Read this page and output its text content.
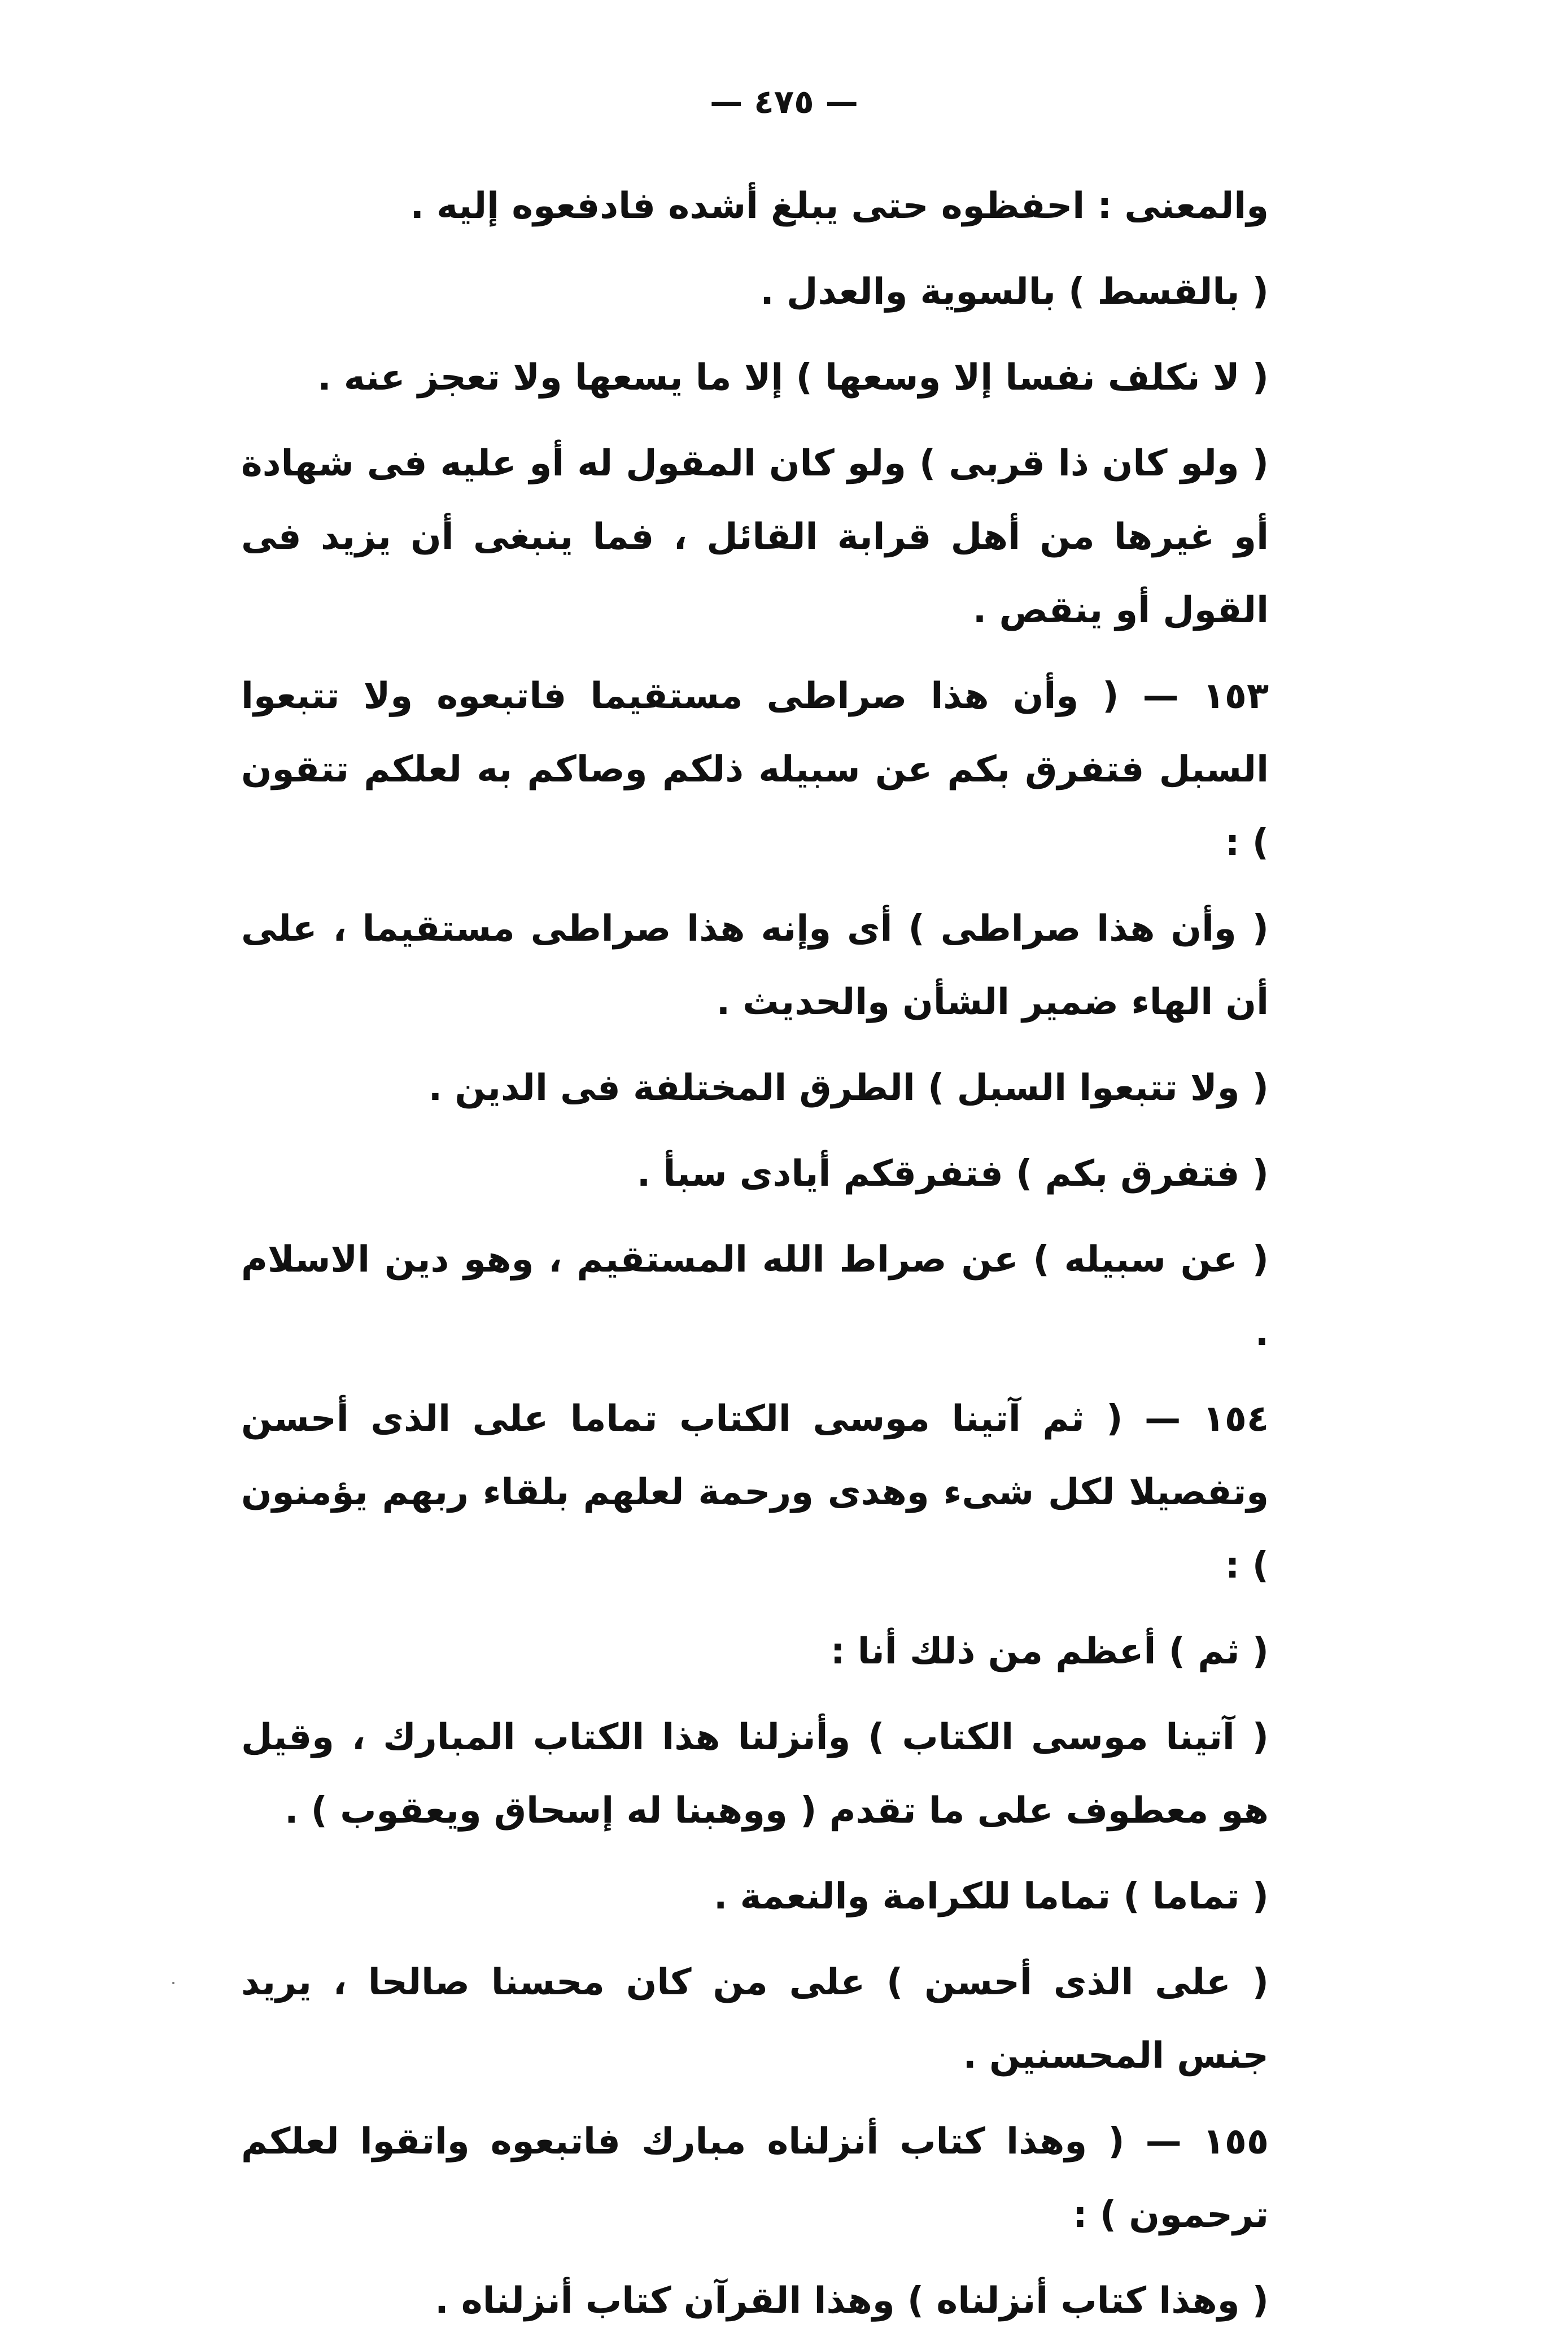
— ٤٧٥ —

والمعنى : احفظوه حتى يبلغ أشده فادفعوه إليه .

( بالقسط ) بالسوية والعدل .

( لا نكلف نفسا إلا وسعها ) إلا ما يسعها ولا تعجز عنه .

( ولو كان ذا قربى ) ولو كان المقول له أو عليه فى شهادة أو غيرها من أهل قرابة القائل ، فما ينبغى أن يزيد فى القول أو ينقص .

١٥٣ — ( وأن هذا صراطى مستقيما فاتبعوه ولا تتبعوا السبل فتفرق بكم عن سبيله ذلكم وصاكم به لعلكم تتقون ) :

( وأن هذا صراطى ) أى وإنه هذا صراطى مستقيما ، على أن الهاء ضمير الشأن والحديث .

( ولا تتبعوا السبل ) الطرق المختلفة فى الدين .

( فتفرق بكم ) فتفرقكم أيادى سبأ .

( عن سبيله ) عن صراط الله المستقيم ، وهو دين الاسلام .

١٥٤ — ( ثم آتينا موسى الكتاب تماما على الذى أحسن وتفصيلا لكل شىء وهدى ورحمة لعلهم بلقاء ربهم يؤمنون ) :

( ثم ) أعظم من ذلك أنا :

( آتينا موسى الكتاب ) وأنزلنا هذا الكتاب المبارك ، وقيل هو معطوف على ما تقدم ( ووهبنا له إسحاق ويعقوب ) .

( تماما ) تماما للكرامة والنعمة .

( على الذى أحسن ) على من كان محسنا صالحا ، يريد جنس المحسنين .

١٥٥ — ( وهذا كتاب أنزلناه مبارك فاتبعوه واتقوا لعلكم ترحمون ) :

( وهذا كتاب أنزلناه ) وهذا القرآن كتاب أنزلناه .
